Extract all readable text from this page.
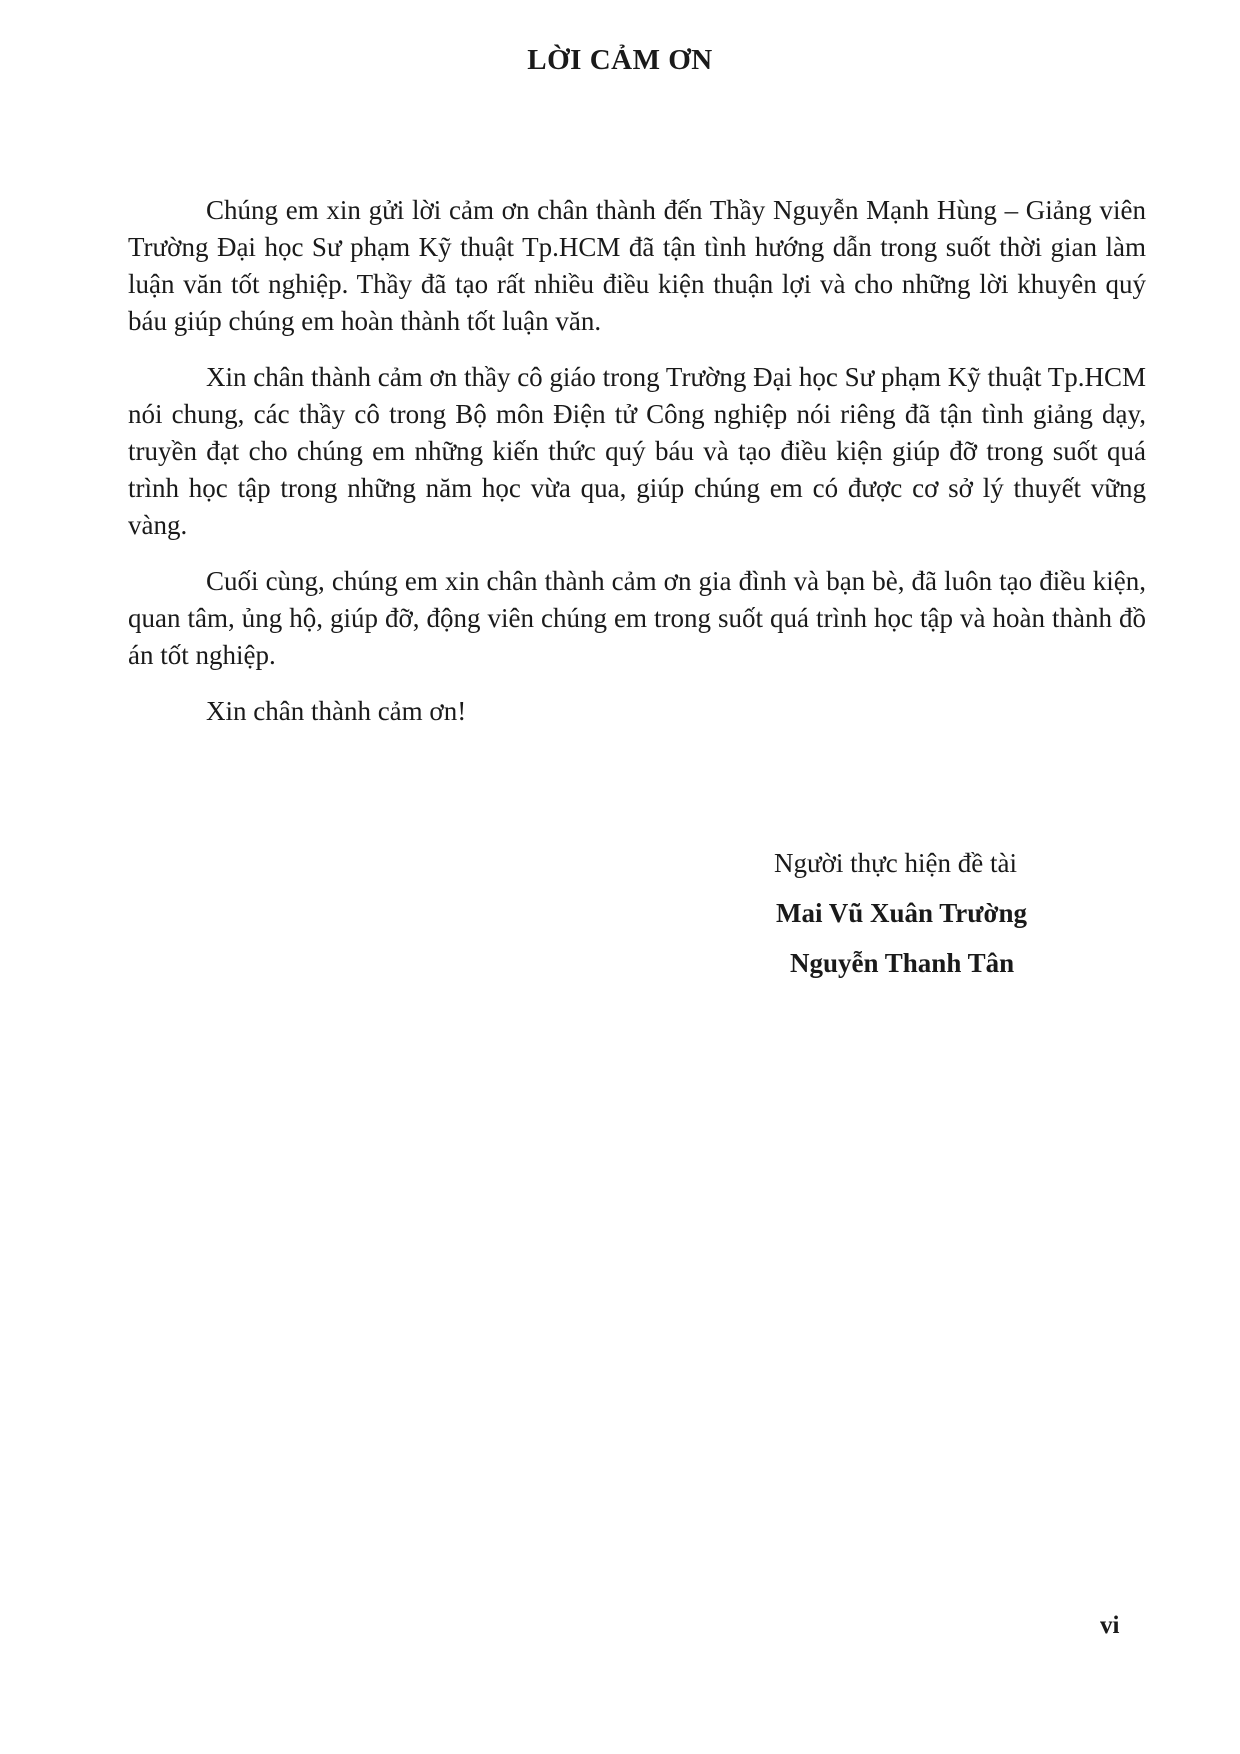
LỜI CẢM ƠN

Chúng em xin gửi lời cảm ơn chân thành đến Thầy Nguyễn Mạnh Hùng – Giảng viên Trường Đại học Sư phạm Kỹ thuật Tp.HCM đã tận tình hướng dẫn trong suốt thời gian làm luận văn tốt nghiệp. Thầy đã tạo rất nhiều điều kiện thuận lợi và cho những lời khuyên quý báu giúp chúng em hoàn thành tốt luận văn.

Xin chân thành cảm ơn thầy cô giáo trong Trường Đại học Sư phạm Kỹ thuật Tp.HCM nói chung, các thầy cô trong Bộ môn Điện tử Công nghiệp nói riêng đã tận tình giảng dạy, truyền đạt cho chúng em những kiến thức quý báu và tạo điều kiện giúp đỡ trong suốt quá trình học tập trong những năm học vừa qua, giúp chúng em có được cơ sở lý thuyết vững vàng.

Cuối cùng, chúng em xin chân thành cảm ơn gia đình và bạn bè, đã luôn tạo điều kiện, quan tâm, ủng hộ, giúp đỡ, động viên chúng em trong suốt quá trình học tập và hoàn thành đồ án tốt nghiệp.

Xin chân thành cảm ơn!

Người thực hiện đề tài
Mai Vũ Xuân Trường
Nguyễn Thanh Tân
vi
